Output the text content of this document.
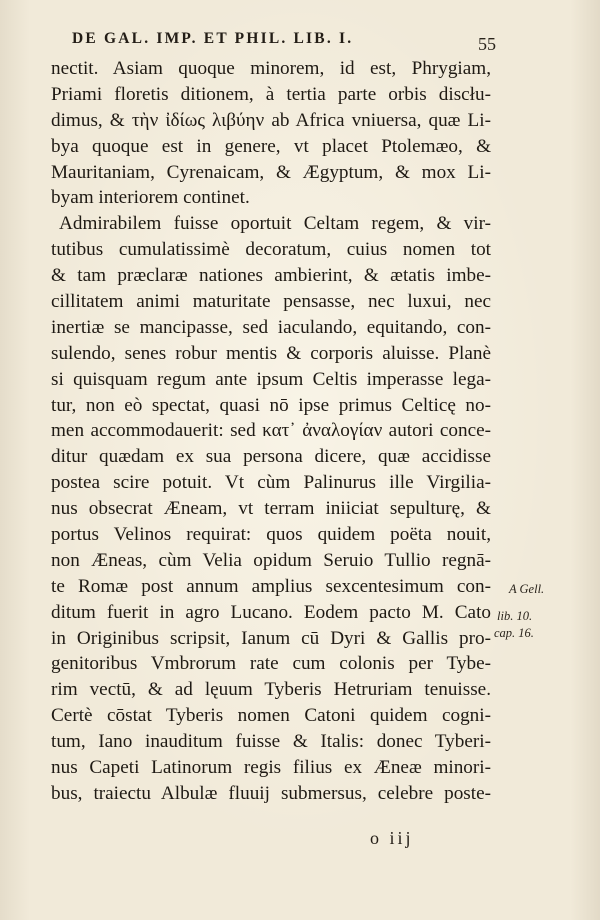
DE GAL. IMP. ET PHIL. LIB. I.	55
nectit. Asiam quoque minorem, id est, Phrygiam,
Priami floretis ditionem, à tertia parte orbis discłu-
dimus, & τὴν ἰδίως λιβύην ab Africa vniuersa, quæ Li-
bya quoque est in genere, vt placet Ptolemæo, &
Mauritaniam, Cyrenaicam, & Ægyptum, & mox Li-
byam interiorem continet.
Admirabilem fuisse oportuit Celtam regem, & vir-
tutibus cumulatissimè decoratum, cuius nomen tot
& tam præclaræ nationes ambierint, & ætatis imbe-
cillitatem animi maturitate pensasse, nec luxui, nec
inertiæ se mancipasse, sed iaculando, equitando, con-
sulendo, senes robur mentis & corporis aluisse. Planè
si quisquam regum ante ipsum Celtis imperasse lega-
tur, non eò spectat, quasi nō ipse primus Celticę no-
men accommodauerit: sed κατ᾽ ἀναλογίαν autori conce-
ditur quædam ex sua persona dicere, quæ accidisse
postea scire potuit. Vt cùm Palinurus ille Virgilia-
nus obsecrat Æneam, vt terram iniiciat sepulturę, &
portus Velinos requirat: quos quidem poëta nouit,
non Æneas, cùm Velia opidum Seruio Tullio regnā-
te Romæ post annum amplius sexcentesimum con-
ditum fuerit in agro Lucano. Eodem pacto M. Cato
in Originibus scripsit, Ianum cū Dyri & Gallis pro-
genitoribus Vmbrorum rate cum colonis per Tybe-
rim vectū, & ad lęuum Tyberis Hetruriam tenuisse.
Certè cōstat Tyberis nomen Catoni quidem cogni-
tum, Iano inauditum fuisse & Italis: donec Tyberi-
nus Capeti Latinorum regis filius ex Æneæ minori-
bus, traiectu Albulæ fluuij submersus, celebre poste-
A Gell.
lib. 10.
cap. 16.
o iij
